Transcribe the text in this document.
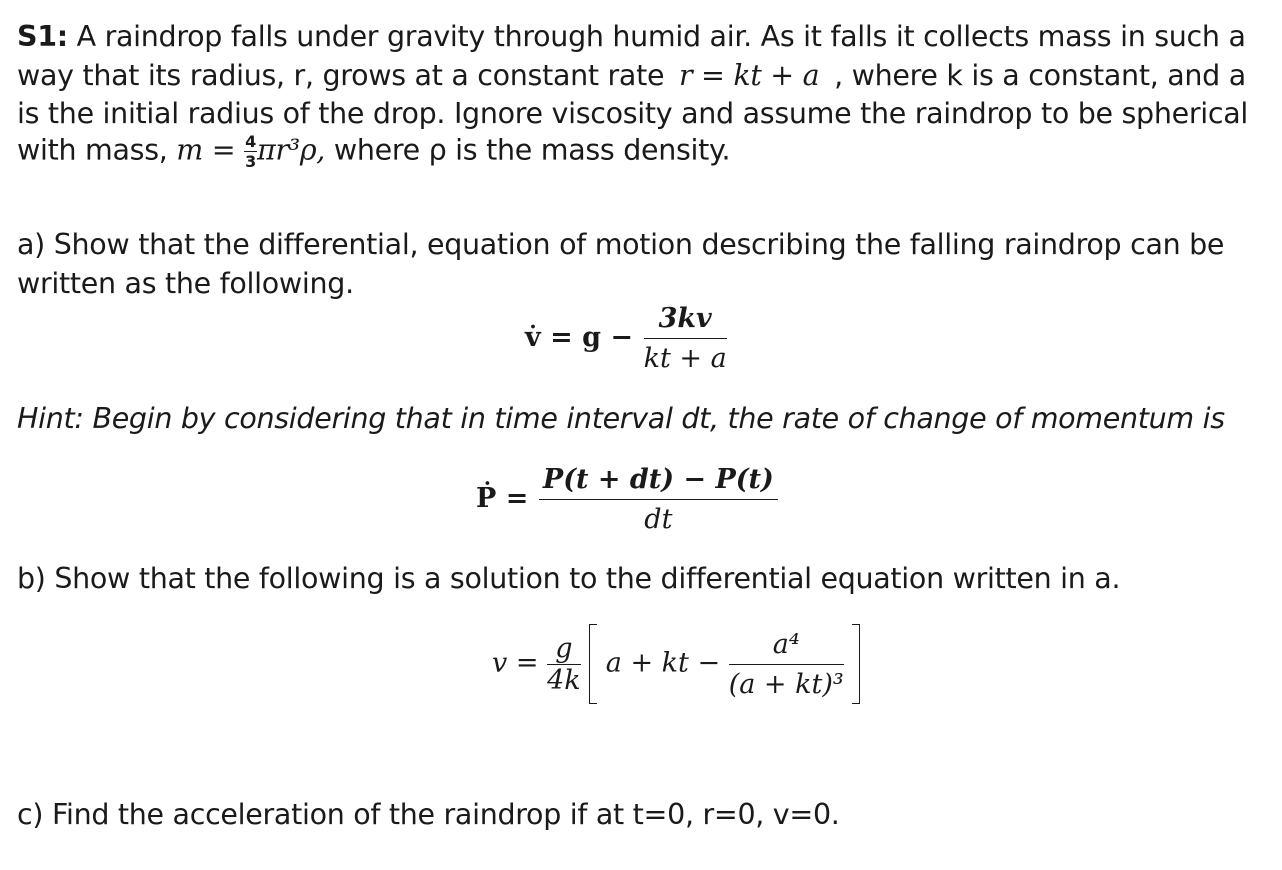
S1: A raindrop falls under gravity through humid air. As it falls it collects mass in such a
way that its radius, r, grows at a constant rate r = kt + a , where k is a constant, and a
is the initial radius of the drop. Ignore viscosity and assume the raindrop to be spherical
with mass, $m = \frac{4}{3} \pi r^3\rho$, where ρ is the mass density.
a) Show that the differential, equation of motion describing the falling raindrop can be
written as the following.
v̇ = $g - \frac{3kv}{kt + a}$
Hint: Begin by considering that in time interval dt, the rate of change of momentum is
Ṗ = $\frac{P(t + dt) - P(t)}{dt}$
b) Show that the following is a solution to the differential equation written in a.
$v = \frac{g}{4k}$ a + kt − $\frac{\text{a⁴}}{\text{(a + kt)³}}$

c) Find the acceleration of the raindrop if at t=0, r=0, v=0.
